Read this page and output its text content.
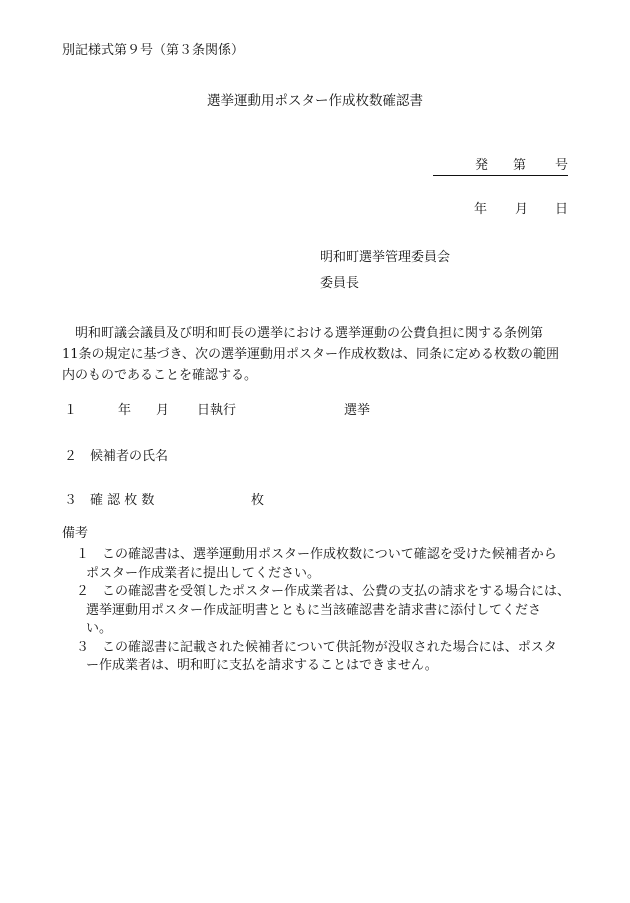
別記様式第９号（第３条関係）
選挙運動用ポスター作成枚数確認書
発 第 号
年 月 日
明和町選挙管理委員会
委員長
明和町議会議員及び明和町長の選挙における選挙運動の公費負担に関する条例第
11条の規定に基づき、次の選挙運動用ポスター作成枚数は、同条に定める枚数の範囲
内のものであることを確認する。
１	年 月 日執行	選挙
２ 候補者の氏名
３ 確 認 枚 数	枚
備考
１ この確認書は、選挙運動用ポスター作成枚数について確認を受けた候補者から
ポスター作成業者に提出してください。
２ この確認書を受領したポスター作成業者は、公費の支払の請求をする場合には、
選挙運動用ポスター作成証明書とともに当該確認書を請求書に添付してくださ
い。
３ この確認書に記載された候補者について供託物が没収された場合には、ポスタ
ー作成業者は、明和町に支払を請求することはできません。
